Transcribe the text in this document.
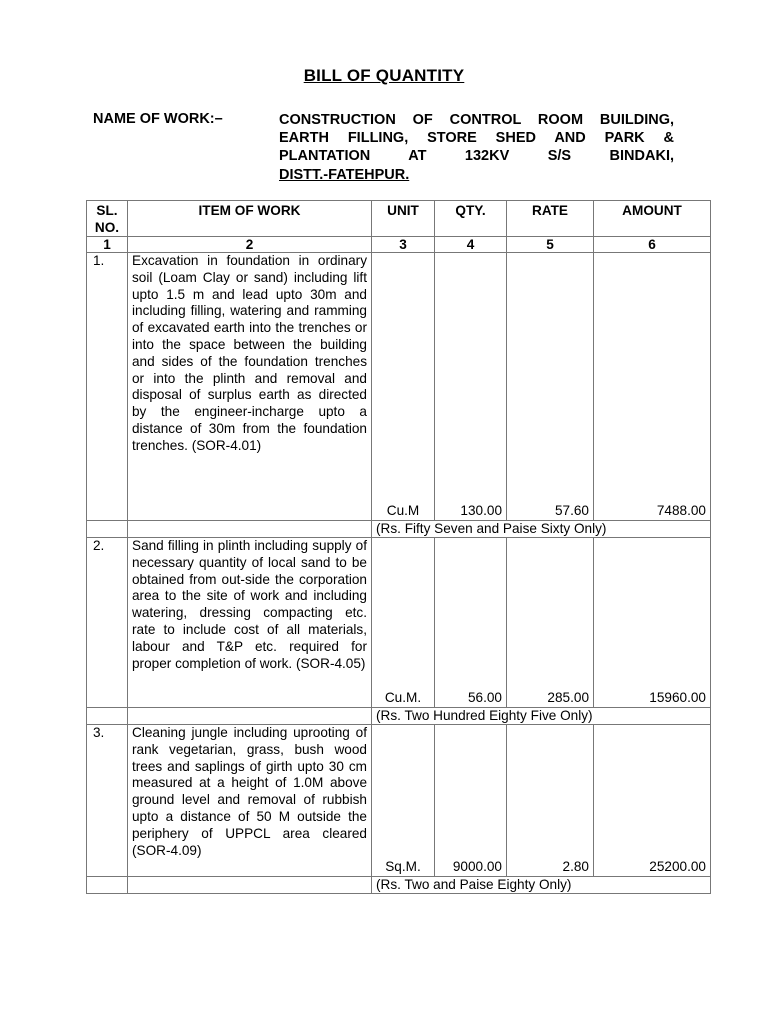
BILL OF QUANTITY
NAME OF WORK:–	CONSTRUCTION OF CONTROL ROOM BUILDING, EARTH FILLING, STORE SHED AND PARK & PLANTATION AT 132KV S/S BINDAKI,
DISTT.-FATEHPUR.
SL. NO.	ITEM OF WORK	UNIT	QTY.	RATE	AMOUNT
1	2	3	4	5	6
1.	Excavation in foundation in ordinary soil (Loam Clay or sand) including lift upto 1.5 m and lead upto 30m and including filling, watering and ramming of excavated earth into the trenches or into the space between the building and sides of the foundation trenches or into the plinth and removal and disposal of surplus earth as directed by the engineer-incharge upto a distance of 30m from the foundation trenches. (SOR-4.01)	Cu.M	130.00	57.60	7488.00
		(Rs. Fifty Seven and Paise Sixty Only)			
2.	Sand filling in plinth including supply of necessary quantity of local sand to be obtained from out-side the corporation area to the site of work and including watering, dressing compacting etc. rate to include cost of all materials, labour and T&P etc. required for proper completion of work. (SOR-4.05)	Cu.M.	56.00	285.00	15960.00
		(Rs. Two Hundred Eighty Five Only)			
3.	Cleaning jungle including uprooting of rank vegetarian, grass, bush wood trees and saplings of girth upto 30 cm measured at a height of 1.0M above ground level and removal of rubbish upto a distance of 50 M outside the periphery of UPPCL area cleared (SOR-4.09)	Sq.M.	9000.00	2.80	25200.00
		(Rs. Two and Paise Eighty Only)			
